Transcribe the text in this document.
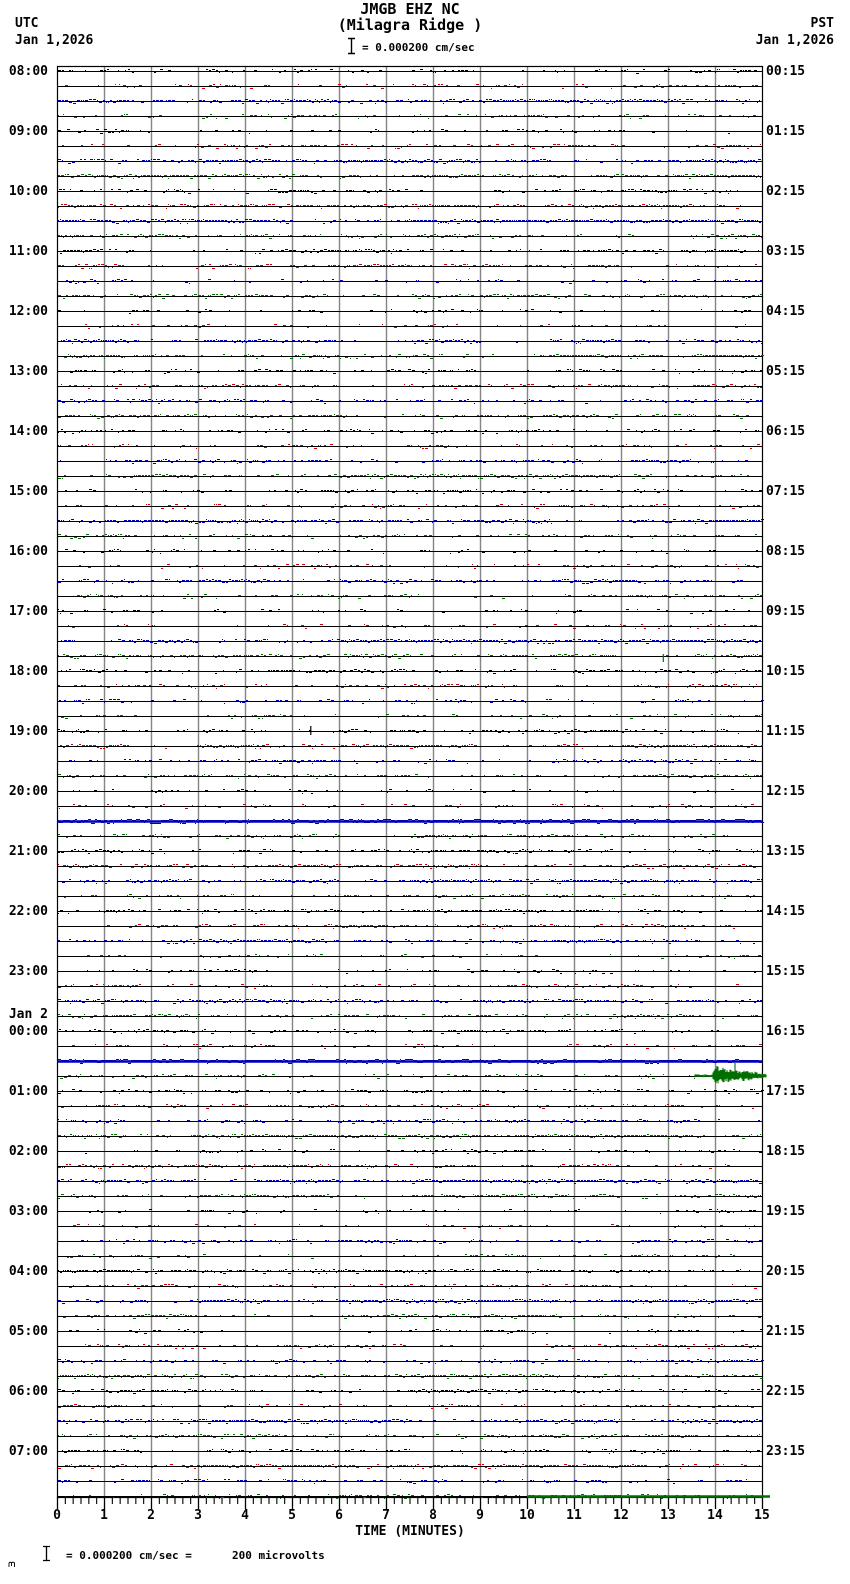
UTC
Jan 1,2026
JMGB EHZ NC
(Milagra Ridge )
= 0.000200 cm/sec
PST
Jan 1,2026
08:00
09:00
10:00
11:00
12:00
13:00
14:00
15:00
16:00
17:00
18:00
19:00
20:00
21:00
22:00
23:00
Jan 2
00:00
01:00
02:00
03:00
04:00
05:00
06:00
07:00
00:15
01:15
02:15
03:15
04:15
05:15
06:15
07:15
08:15
09:15
10:15
11:15
12:15
13:15
14:15
15:15
16:15
17:15
18:15
19:15
20:15
21:15
22:15
23:15
0	1	2	3	4	5	6	7	8	9	10	11	12	13	14	15
TIME (MINUTES)
= 0.000200 cm/sec =	200 microvolts
